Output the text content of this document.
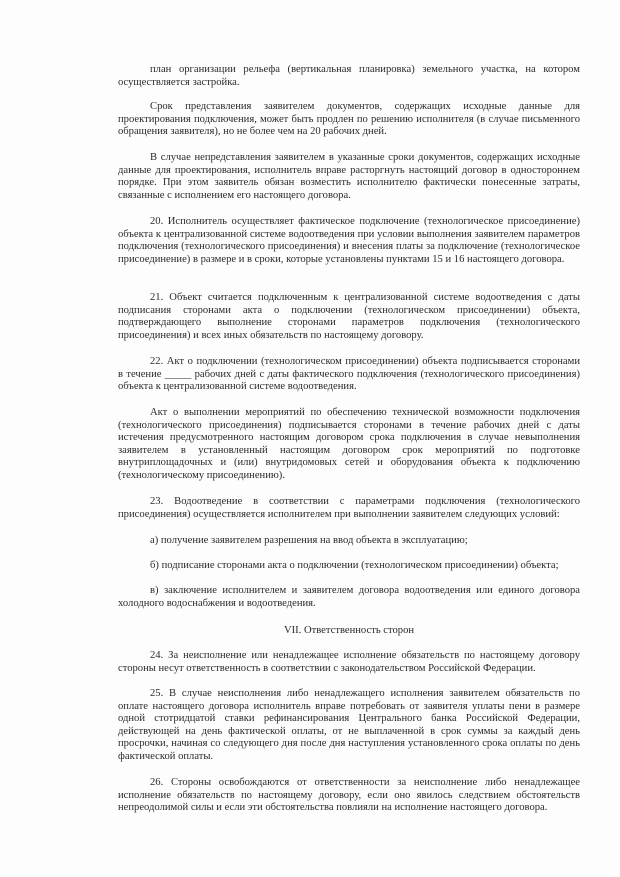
план организации рельефа (вертикальная планировка) земельного участка, на котором осуществляется застройка.

Срок представления заявителем документов, содержащих исходные данные для проектирования подключения, может быть продлен по решению исполнителя (в случае письменного обращения заявителя), но не более чем на 20 рабочих дней.

В случае непредставления заявителем в указанные сроки документов, содержащих исходные данные для проектирования, исполнитель вправе расторгнуть настоящий договор в одностороннем порядке. При этом заявитель обязан возместить исполнителю фактически понесенные затраты, связанные с исполнением его настоящего договора.

20. Исполнитель осуществляет фактическое подключение (технологическое присоединение) объекта к централизованной системе водоотведения при условии выполнения заявителем параметров подключения (технологического присоединения) и внесения платы за подключение (технологическое присоединение) в размере и в сроки, которые установлены пунктами 15 и 16 настоящего договора.

21. Объект считается подключенным к централизованной системе водоотведения с даты подписания сторонами акта о подключении (технологическом присоединении) объекта, подтверждающего выполнение сторонами параметров подключения (технологического присоединения) и всех иных обязательств по настоящему договору.

22. Акт о подключении (технологическом присоединении) объекта подписывается сторонами в течение _____ рабочих дней с даты фактического подключения (технологического присоединения) объекта к централизованной системе водоотведения.

Акт о выполнении мероприятий по обеспечению технической возможности подключения (технологического присоединения) подписывается сторонами в течение рабочих дней с даты истечения предусмотренного настоящим договором срока подключения в случае невыполнения заявителем в установленный настоящим договором срок мероприятий по подготовке внутриплощадочных и (или) внутридомовых сетей и оборудования объекта к подключению (технологическому присоединению).

23. Водоотведение в соответствии с параметрами подключения (технологического присоединения) осуществляется исполнителем при выполнении заявителем следующих условий:

а) получение заявителем разрешения на ввод объекта в эксплуатацию;

б) подписание сторонами акта о подключении (технологическом присоединении) объекта;

в) заключение исполнителем и заявителем договора водоотведения или единого договора холодного водоснабжения и водоотведения.

VII. Ответственность сторон

24. За неисполнение или ненадлежащее исполнение обязательств по настоящему договору стороны несут ответственность в соответствии с законодательством Российской Федерации.

25. В случае неисполнения либо ненадлежащего исполнения заявителем обязательств по оплате настоящего договора исполнитель вправе потребовать от заявителя уплаты пени в размере одной стотридцатой ставки рефинансирования Центрального банка Российской Федерации, действующей на день фактической оплаты, от не выплаченной в срок суммы за каждый день просрочки, начиная со следующего дня после дня наступления установленного срока оплаты по день фактической оплаты.

26. Стороны освобождаются от ответственности за неисполнение либо ненадлежащее исполнение обязательств по настоящему договору, если оно явилось следствием обстоятельств непреодолимой силы и если эти обстоятельства повлияли на исполнение настоящего договора.
